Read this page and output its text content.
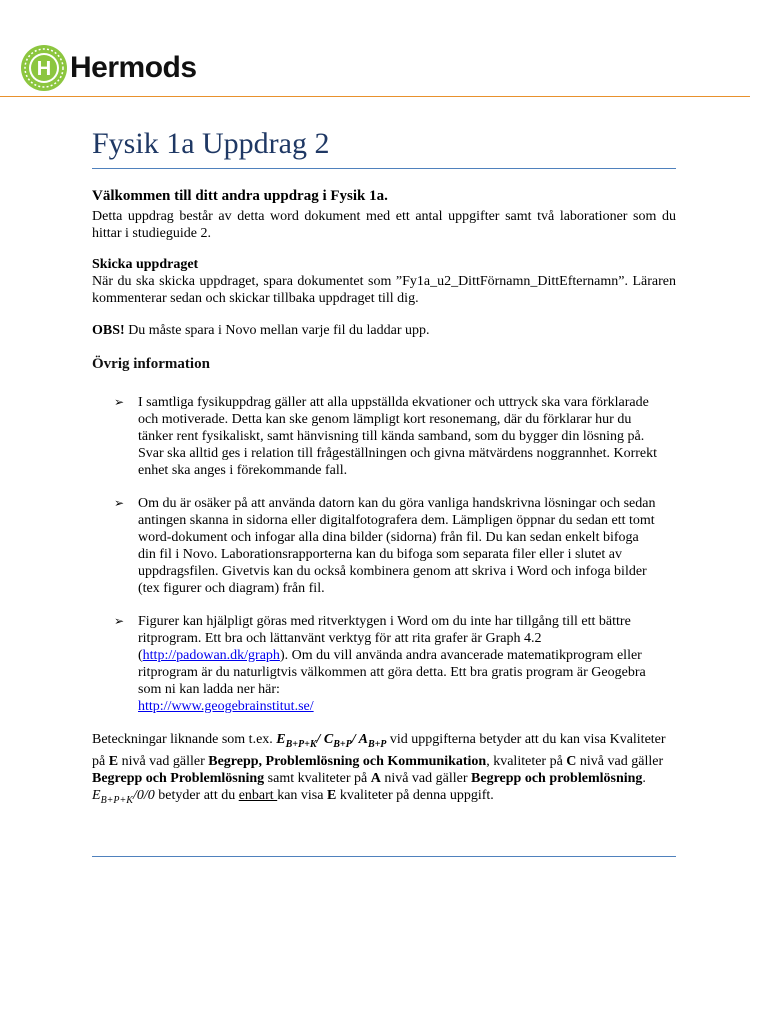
H Hermods
Fysik 1a Uppdrag 2
Välkommen till ditt andra uppdrag i Fysik 1a.

Detta uppdrag består av detta word dokument med ett antal uppgifter samt två laborationer som du hittar i studieguide 2.

Skicka uppdraget

När du ska skicka uppdraget, spara dokumentet som ”Fy1a_u2_DittFörnamn_DittEfternamn”. Läraren kommenterar sedan och skickar tillbaka uppdraget till dig.

OBS! Du måste spara i Novo mellan varje fil du laddar upp.

Övrig information
➢ I samtliga fysikuppdrag gäller att alla uppställda ekvationer och uttryck ska vara förklarade och motiverade. Detta kan ske genom lämpligt kort resonemang, där du förklarar hur du tänker rent fysikaliskt, samt hänvisning till kända samband, som du bygger din lösning på. Svar ska alltid ges i relation till frågeställningen och givna mätvärdens noggrannhet. Korrekt enhet ska anges i förekommande fall.
➢ Om du är osäker på att använda datorn kan du göra vanliga handskrivna lösningar och sedan antingen skanna in sidorna eller digitalfotografera dem. Lämpligen öppnar du sedan ett tomt word-dokument och infogar alla dina bilder (sidorna) från fil. Du kan sedan enkelt bifoga din fil i Novo. Laborationsrapporterna kan du bifoga som separata filer eller i slutet av uppdragsfilen. Givetvis kan du också kombinera genom att skriva i Word och infoga bilder (tex figurer och diagram) från fil.
➢ Figurer kan hjälpligt göras med ritverktygen i Word om du inte har tillgång till ett bättre ritprogram. Ett bra och lättanvänt verktyg för att rita grafer är Graph 4.2 (http://padowan.dk/graph). Om du vill använda andra avancerade matematikprogram eller ritprogram är du naturligtvis välkommen att göra detta. Ett bra gratis program är Geogebra som ni kan ladda ner här:
http://www.geogebrainstitut.se/

Beteckningar liknande som t.ex. $E_{B+P+K}/$ $C_{B+P}/$ $A_{B+P}$ vid uppgifterna betyder att du kan visa Kvaliteter på E nivå vad gäller Begrepp, Problemlösning och Kommunikation, kvaliteter på C nivå vad gäller Begrepp och Problemlösning samt kvaliteter på A nivå vad gäller Begrepp och problemlösning. $E_{B+P+K}/0/0$ betyder att du enbart kan visa E kvaliteter på denna uppgift.
